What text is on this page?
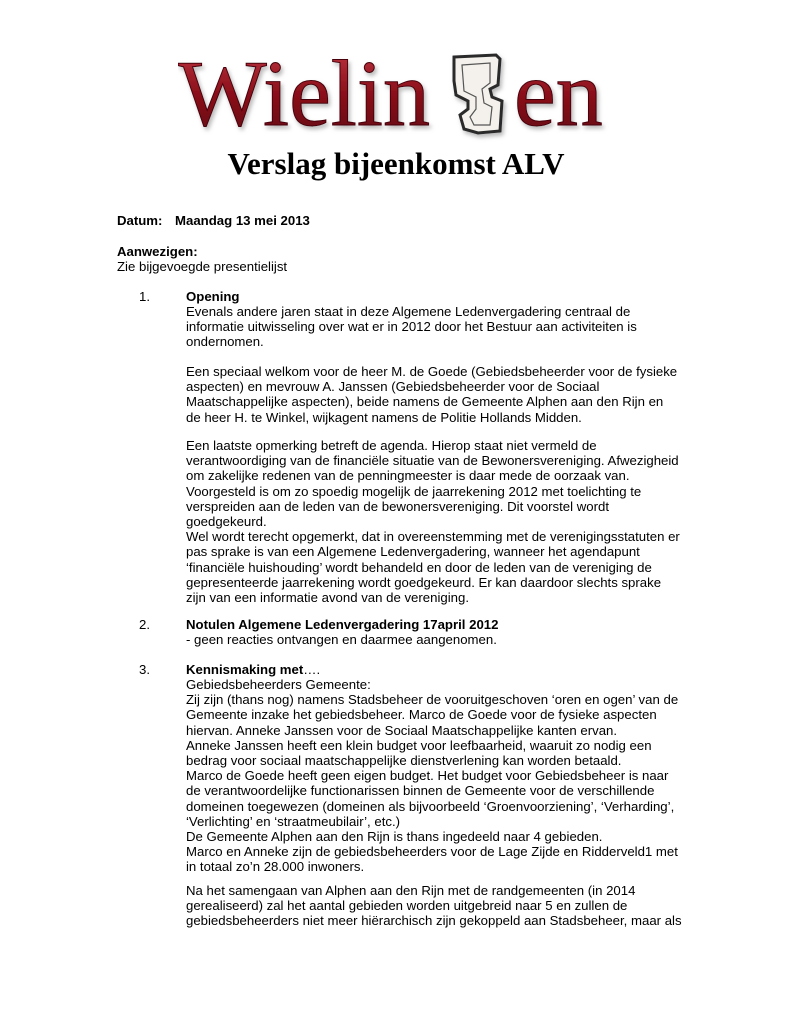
Wielin en
Verslag bijeenkomst ALV
Datum: Maandag 13 mei 2013
Aanwezigen:
Zie bijgevoegde presentielijst
1.	Opening
Evenals andere jaren staat in deze Algemene Ledenvergadering centraal de
informatie uitwisseling over wat er in 2012 door het Bestuur aan activiteiten is
ondernomen.
Een speciaal welkom voor de heer M. de Goede (Gebiedsbeheerder voor de fysieke
aspecten) en mevrouw A. Janssen (Gebiedsbeheerder voor de Sociaal
Maatschappelijke aspecten), beide namens de Gemeente Alphen aan den Rijn en
de heer H. te Winkel, wijkagent namens de Politie Hollands Midden.
Een laatste opmerking betreft de agenda. Hierop staat niet vermeld de
verantwoordiging van de financiële situatie van de Bewonersvereniging. Afwezigheid
om zakelijke redenen van de penningmeester is daar mede de oorzaak van.
Voorgesteld is om zo spoedig mogelijk de jaarrekening 2012 met toelichting te
verspreiden aan de leden van de bewonersvereniging. Dit voorstel wordt
goedgekeurd.
Wel wordt terecht opgemerkt, dat in overeenstemming met de verenigingsstatuten er
pas sprake is van een Algemene Ledenvergadering, wanneer het agendapunt
‘financiële huishouding’ wordt behandeld en door de leden van de vereniging de
gepresenteerde jaarrekening wordt goedgekeurd. Er kan daardoor slechts sprake
zijn van een informatie avond van de vereniging.
2.	Notulen Algemene Ledenvergadering 17april 2012
- geen reacties ontvangen en daarmee aangenomen.
3.	Kennismaking met….
Gebiedsbeheerders Gemeente:
Zij zijn (thans nog) namens Stadsbeheer de vooruitgeschoven ‘oren en ogen’ van de
Gemeente inzake het gebiedsbeheer. Marco de Goede voor de fysieke aspecten
hiervan. Anneke Janssen voor de Sociaal Maatschappelijke kanten ervan.
Anneke Janssen heeft een klein budget voor leefbaarheid, waaruit zo nodig een
bedrag voor sociaal maatschappelijke dienstverlening kan worden betaald.
Marco de Goede heeft geen eigen budget. Het budget voor Gebiedsbeheer is naar
de verantwoordelijke functionarissen binnen de Gemeente voor de verschillende
domeinen toegewezen (domeinen als bijvoorbeeld ‘Groenvoorziening’, ‘Verharding’,
‘Verlichting’ en ‘straatmeubilair’, etc.)
De Gemeente Alphen aan den Rijn is thans ingedeeld naar 4 gebieden.
Marco en Anneke zijn de gebiedsbeheerders voor de Lage Zijde en Ridderveld1 met
in totaal zo’n 28.000 inwoners.
Na het samengaan van Alphen aan den Rijn met de randgemeenten (in 2014
gerealiseerd) zal het aantal gebieden worden uitgebreid naar 5 en zullen de
gebiedsbeheerders niet meer hiërarchisch zijn gekoppeld aan Stadsbeheer, maar als
